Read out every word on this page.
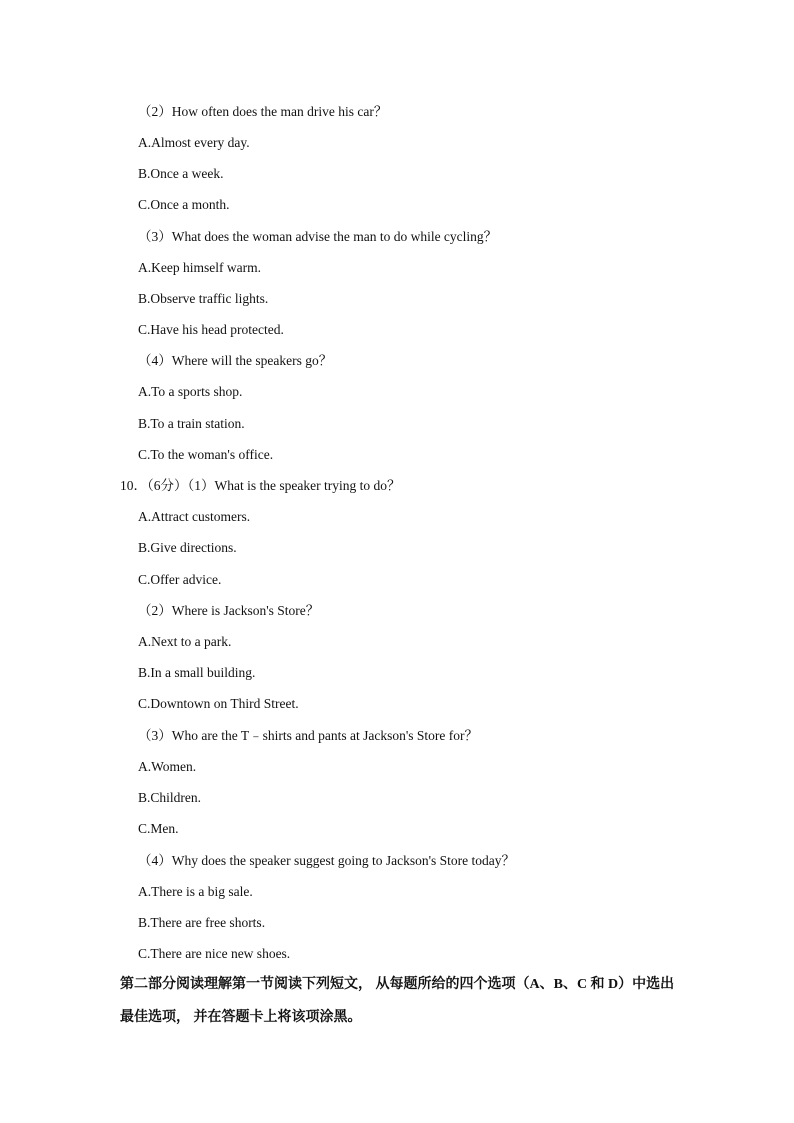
（2）How often does the man drive his car？
A.Almost every day.
B.Once a week.
C.Once a month.
（3）What does the woman advise the man to do while cycling？
A.Keep himself warm.
B.Observe traffic lights.
C.Have his head protected.
（4）Where will the speakers go？
A.To a sports shop.
B.To a train station.
C.To the woman's office.
10．（6分）（1）What is the speaker trying to do？
A.Attract customers.
B.Give directions.
C.Offer advice.
（2）Where is Jackson's Store？
A.Next to a park.
B.In a small building.
C.Downtown on Third Street.
（3）Who are the T﹣shirts and pants at Jackson's Store for？
A.Women.
B.Children.
C.Men.
（4）Why does the speaker suggest going to Jackson's Store today？
A.There is a big sale.
B.There are free shorts.
C.There are nice new shoes.
第二部分阅读理解第一节阅读下列短文， 从每题所给的四个选项（A、B、C 和 D）中选出
最佳选项， 并在答题卡上将该项涂黑。
